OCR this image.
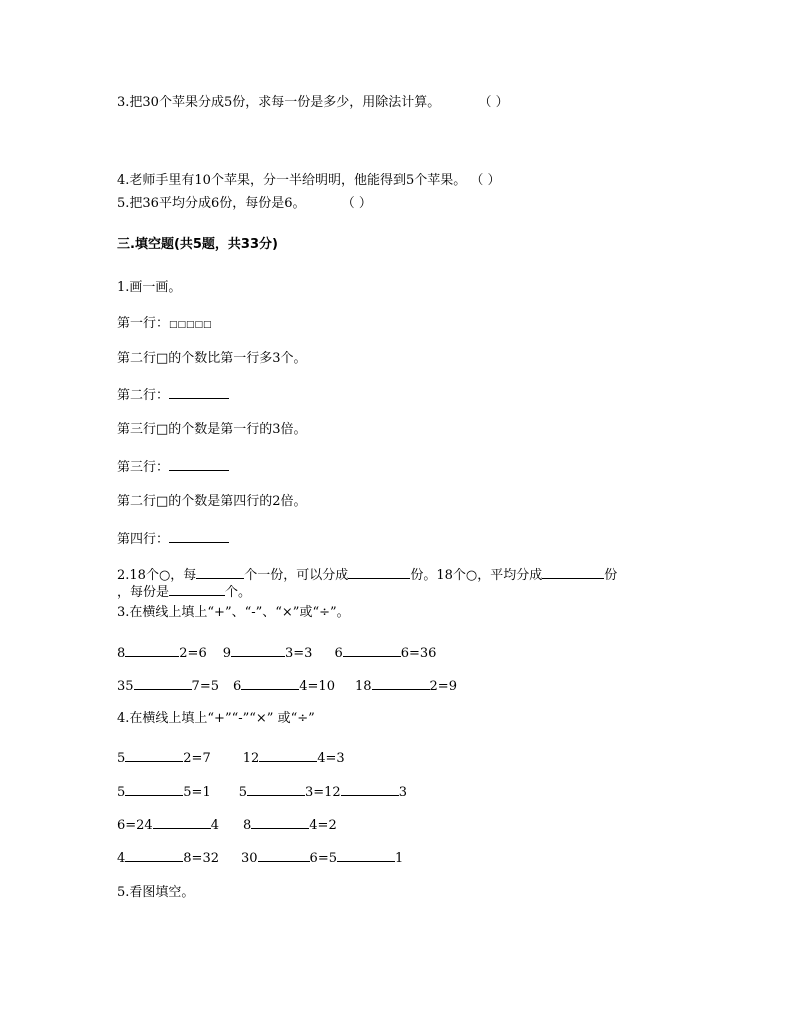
3.把30个苹果分成5份，求每一份是多少，用除法计算。	（ ）
4.老师手里有10个苹果，分一半给明明，他能得到5个苹果。 （ ）
5.把36平均分成6份，每份是6。	（ ）
三.填空题(共5题，共33分)
1.画一画。
第一行：□□□□□
第二行□的个数比第一行多3个。
第二行：
第三行□的个数是第一行的3倍。
第三行：
第二行□的个数是第四行的2倍。
第四行：
2.18个○，每	个一份，可以分成	份。18个○，平均分成	份
，每份是	个。
3.在横线上填上“+”、“-”、“×”或“÷”。
8	2=6 9	3=3 6	6=36
35	7=5 6	4=10 18	2=9
4.在横线上填上“+”“-”“×” 或“÷”
5	2=7 12	4=3
5	5=1 5	3=12	3
6=24	4 8	4=2
4	8=32 30	6=5	1
5.看图填空。
